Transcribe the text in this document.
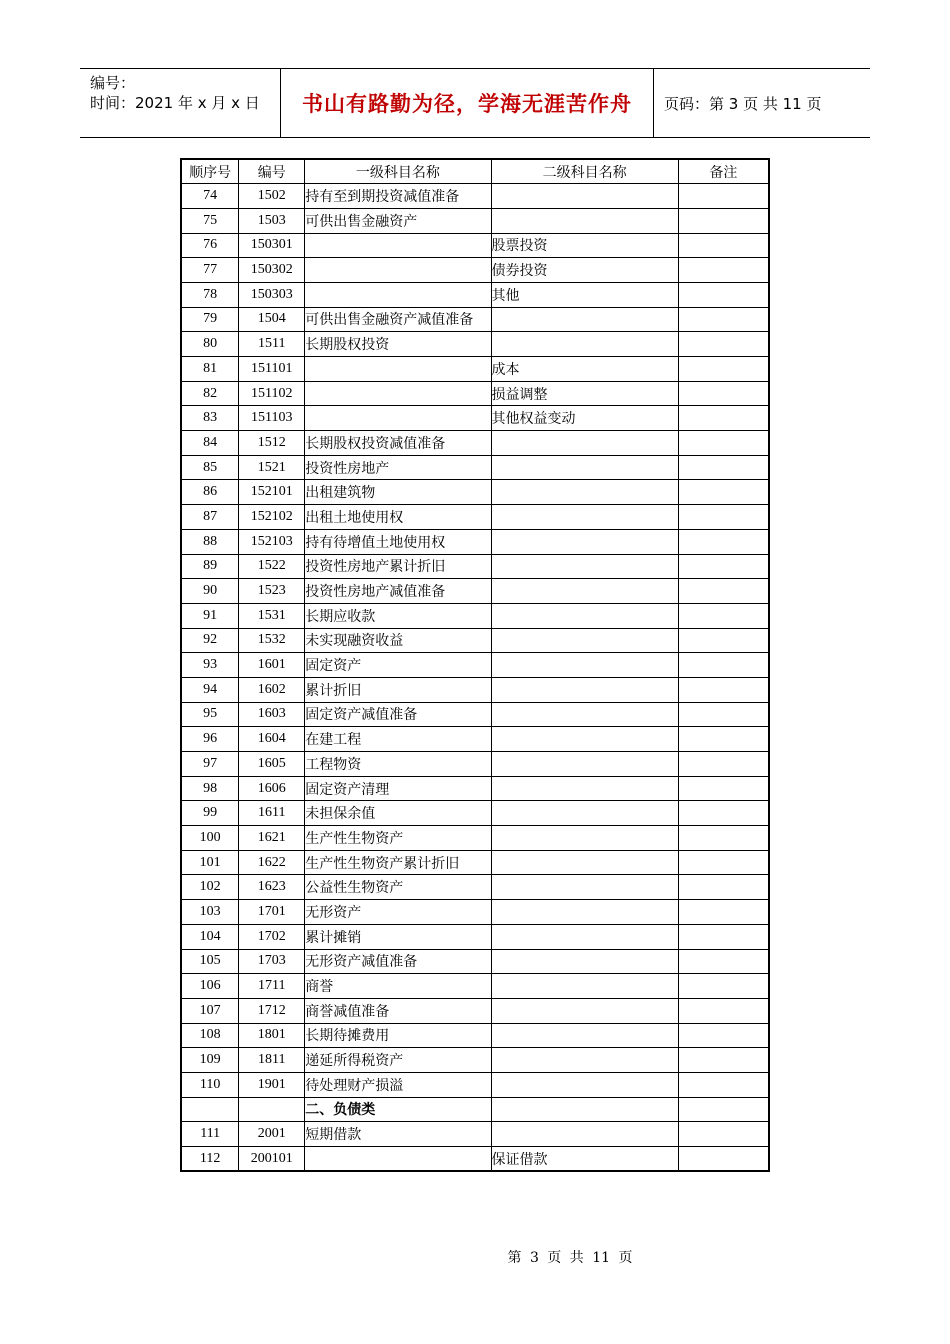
编号：
时间：2021 年 x 月 x 日	书山有路勤为径，学海无涯苦作舟 页码：第 3 页 共 11 页
顺序号	编号	一级科目名称	二级科目名称	备注
74	1502	持有至到期投资减值准备		
75	1503	可供出售金融资产		
76	150301		股票投资	
77	150302		债券投资	
78	150303		其他	
79	1504	可供出售金融资产减值准备		
80	1511	长期股权投资		
81	151101		成本	
82	151102		损益调整	
83	151103		其他权益变动	
84	1512	长期股权投资减值准备		
85	1521	投资性房地产		
86	152101	出租建筑物		
87	152102	出租土地使用权		
88	152103	持有待增值土地使用权		
89	1522	投资性房地产累计折旧		
90	1523	投资性房地产减值准备		
91	1531	长期应收款		
92	1532	未实现融资收益		
93	1601	固定资产		
94	1602	累计折旧		
95	1603	固定资产减值准备		
96	1604	在建工程		
97	1605	工程物资		
98	1606	固定资产清理		
99	1611	未担保余值		
100	1621	生产性生物资产		
101	1622	生产性生物资产累计折旧		
102	1623	公益性生物资产		
103	1701	无形资产		
104	1702	累计摊销		
105	1703	无形资产减值准备		
106	1711	商誉		
107	1712	商誉减值准备		
108	1801	长期待摊费用		
109	1811	递延所得税资产		
110	1901	待处理财产损溢		
		二、负债类		
111	2001	短期借款		
112	200101		保证借款	
第 3 页 共 11 页
